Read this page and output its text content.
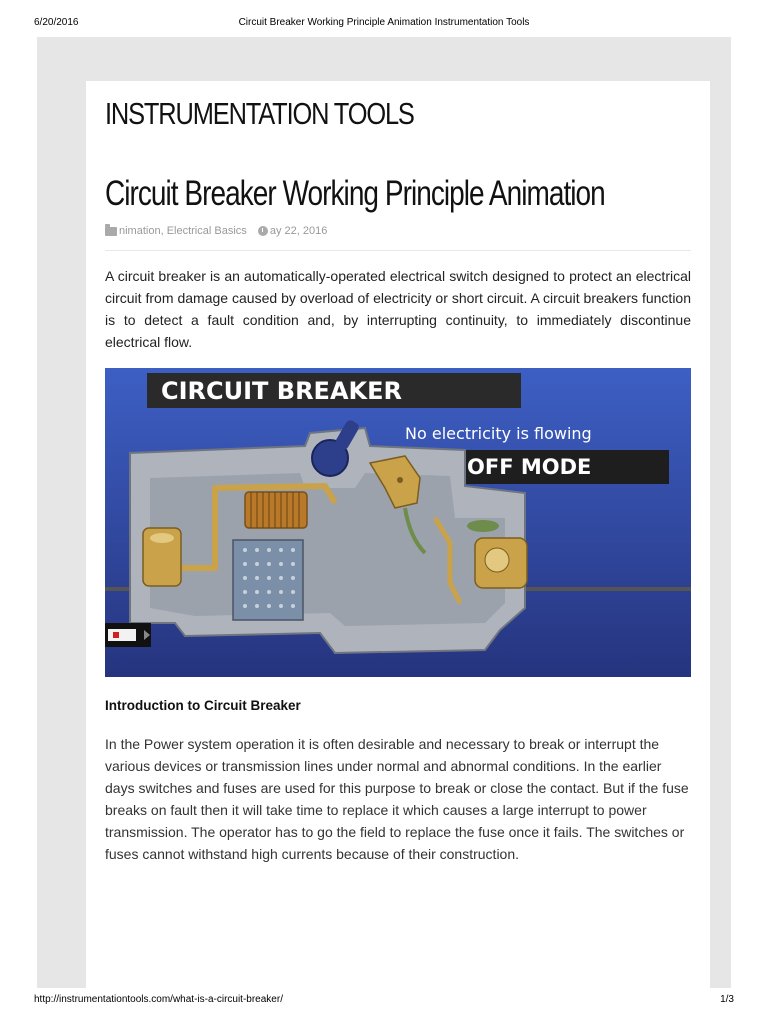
6/20/2016	Circuit Breaker Working Principle Animation Instrumentation Tools
INSTRUMENTATION TOOLS
Circuit Breaker Working Principle Animation
nimation, Electrical Basics ay 22, 2016

A circuit breaker is an automatically-operated electrical switch designed to protect an electrical circuit from damage caused by overload of electricity or short circuit. A circuit breakers function is to detect a fault condition and, by interrupting continuity, to immediately discontinue electrical flow.

CIRCUIT BREAKER
No electricity is flowing
OFF MODE
Introduction to Circuit Breaker

In the Power system operation it is often desirable and necessary to break or interrupt the various devices or transmission lines under normal and abnormal conditions. In the earlier days switches and fuses are used for this purpose to break or close the contact. But if the fuse breaks on fault then it will take time to replace it which causes a large interrupt to power transmission. The operator has to go the field to replace the fuse once it fails. The switches or fuses cannot withstand high currents because of their construction.

http://instrumentationtools.com/what-is-a-circuit-breaker/	1/3
